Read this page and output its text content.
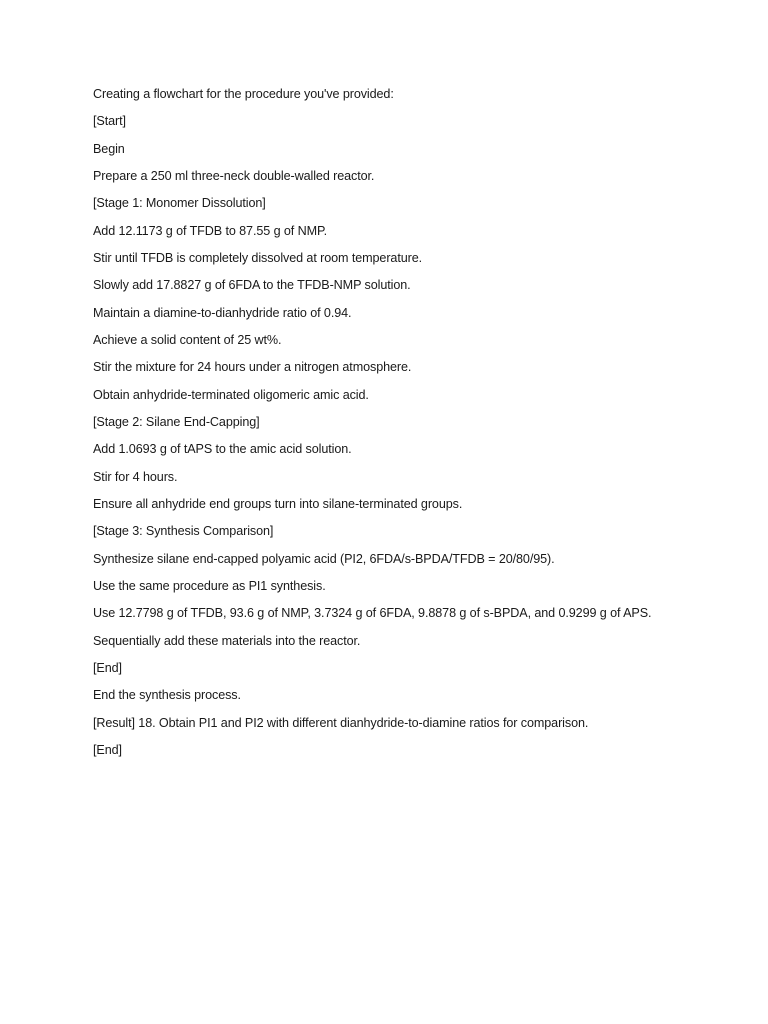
Creating a flowchart for the procedure you've provided:
[Start]
Begin
Prepare a 250 ml three-neck double-walled reactor.
[Stage 1: Monomer Dissolution]
Add 12.1173 g of TFDB to 87.55 g of NMP.
Stir until TFDB is completely dissolved at room temperature.
Slowly add 17.8827 g of 6FDA to the TFDB-NMP solution.
Maintain a diamine-to-dianhydride ratio of 0.94.
Achieve a solid content of 25 wt%.
Stir the mixture for 24 hours under a nitrogen atmosphere.
Obtain anhydride-terminated oligomeric amic acid.
[Stage 2: Silane End-Capping]
Add 1.0693 g of tAPS to the amic acid solution.
Stir for 4 hours.
Ensure all anhydride end groups turn into silane-terminated groups.
[Stage 3: Synthesis Comparison]
Synthesize silane end-capped polyamic acid (PI2, 6FDA/s-BPDA/TFDB = 20/80/95).
Use the same procedure as PI1 synthesis.
Use 12.7798 g of TFDB, 93.6 g of NMP, 3.7324 g of 6FDA, 9.8878 g of s-BPDA, and 0.9299 g of APS.
Sequentially add these materials into the reactor.
[End]
End the synthesis process.
[Result] 18. Obtain PI1 and PI2 with different dianhydride-to-diamine ratios for comparison.
[End]
